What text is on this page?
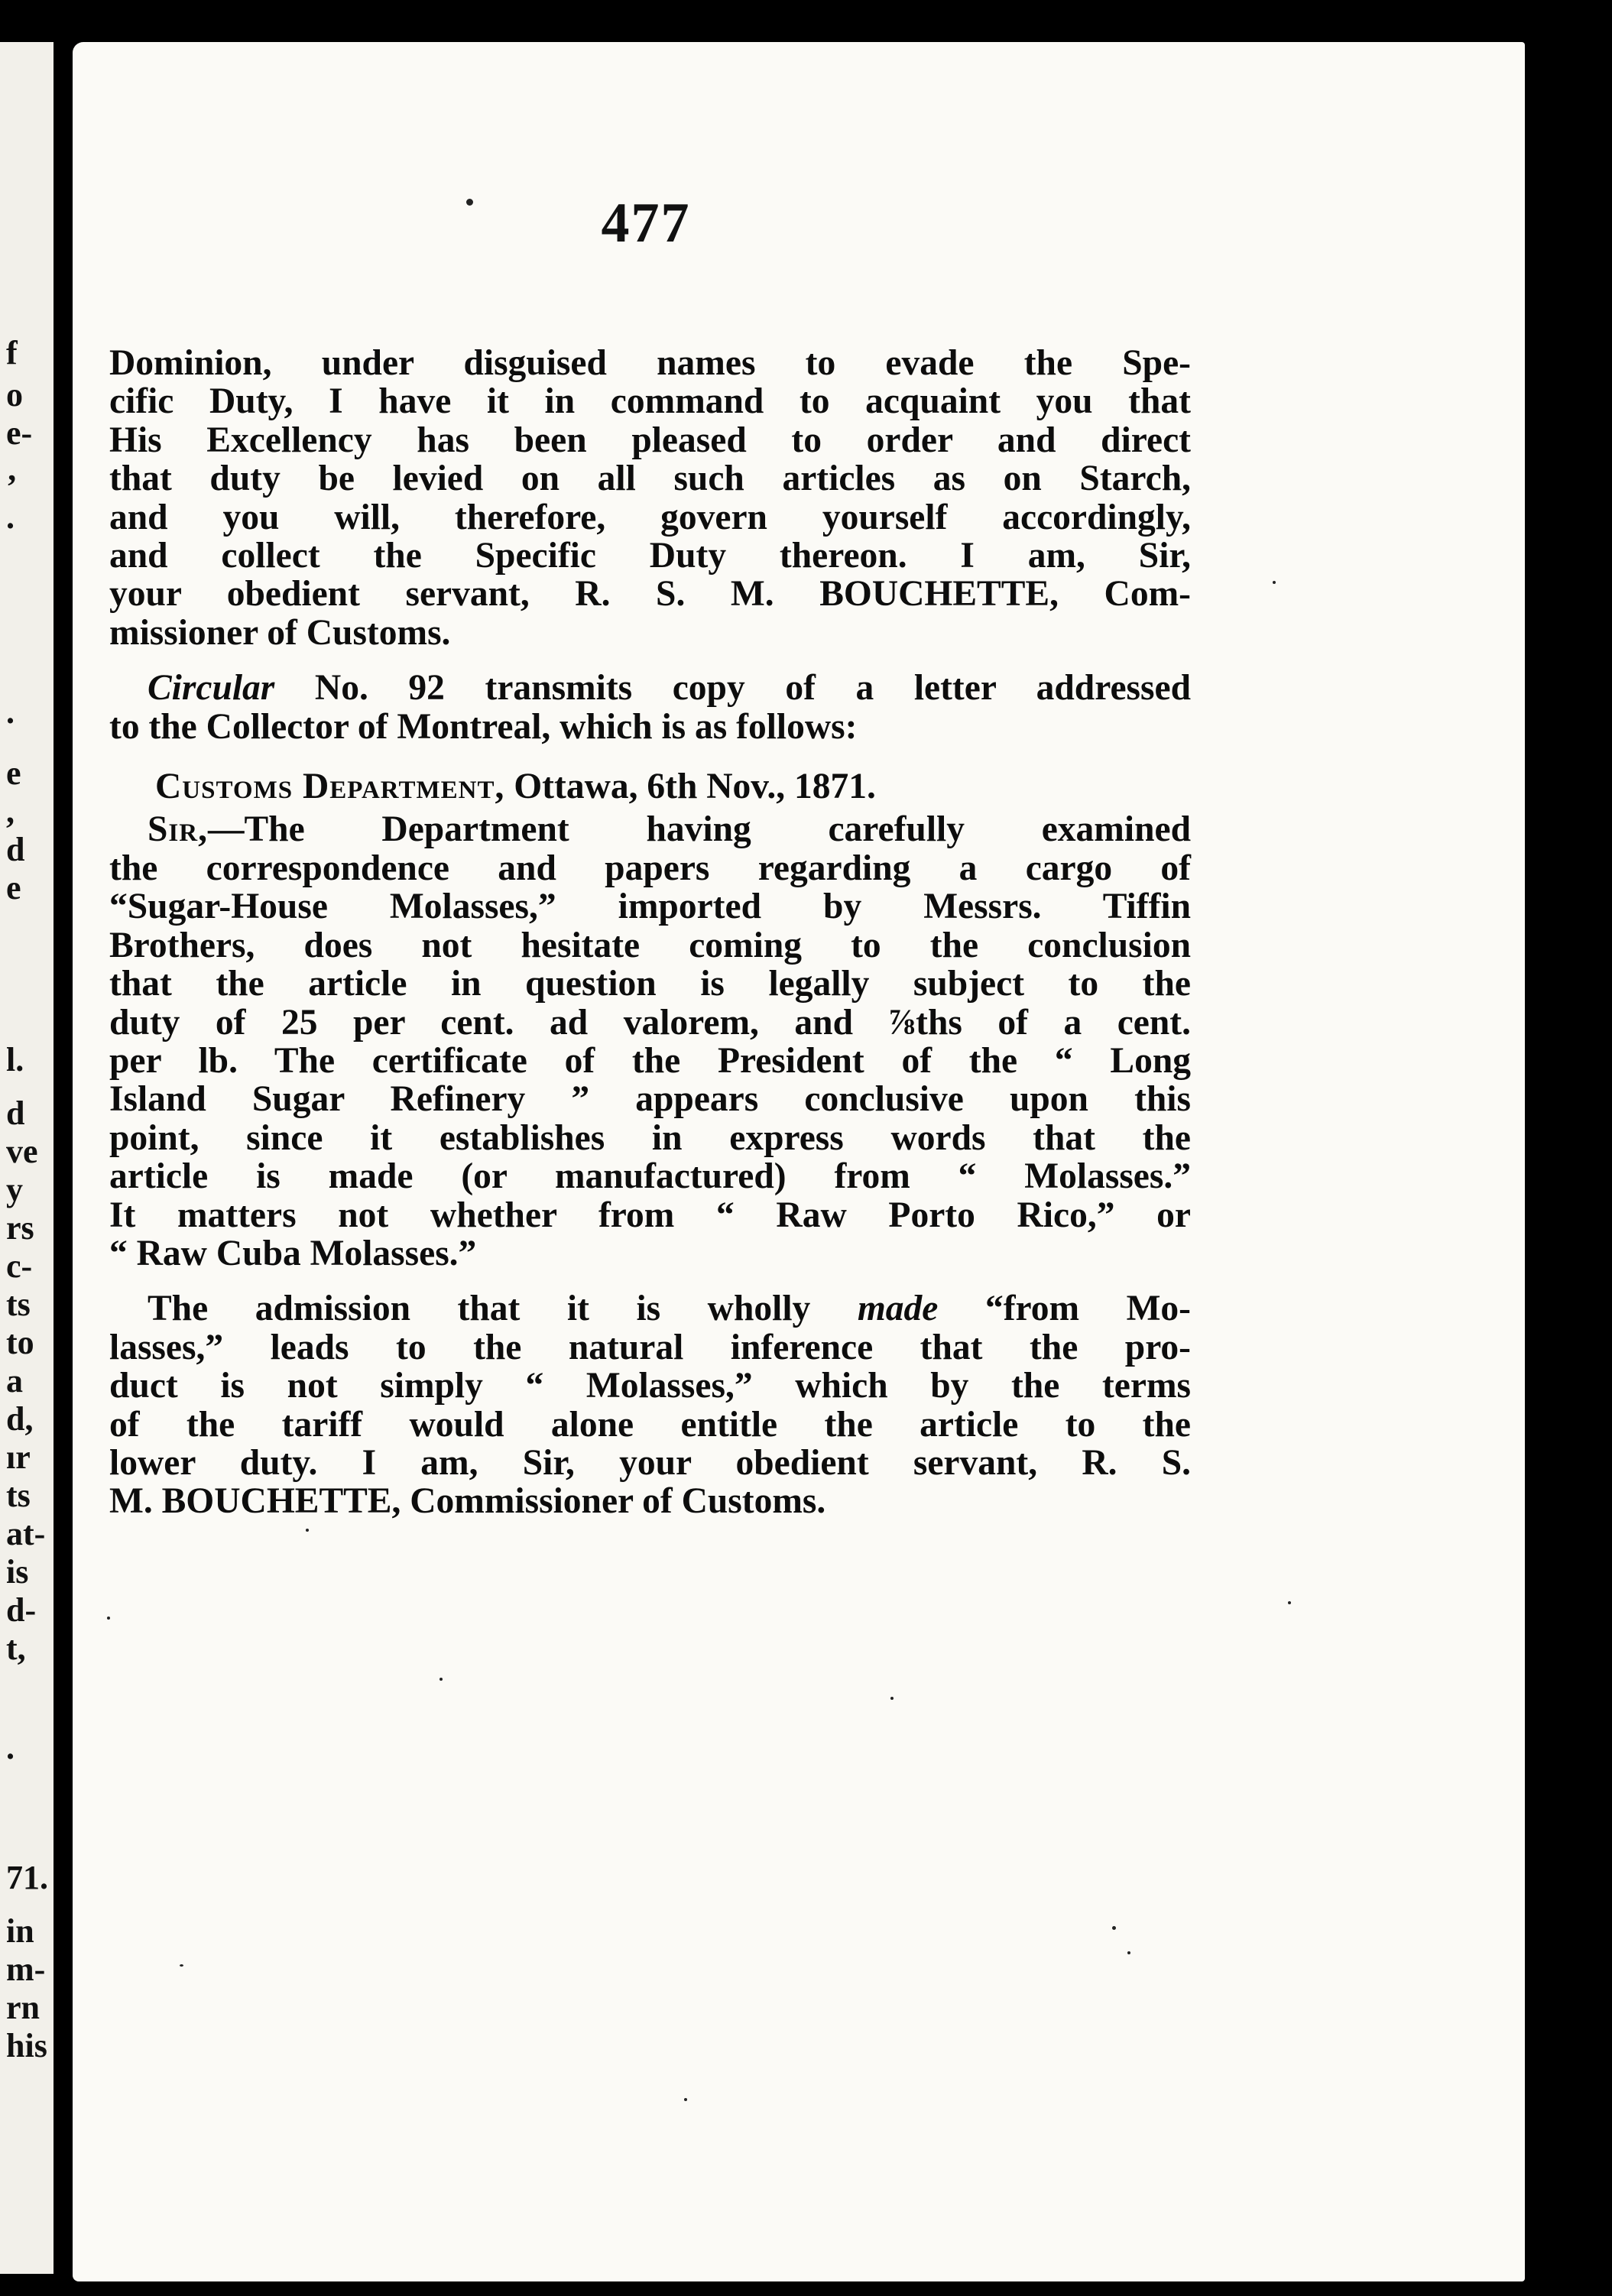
f
o
e-
’
.
.
e
,
d
e
l.
d
ve
y
rs
c-
ts
to
a
d,
ır
ts
at-
is
d-
t,
.
71.
in
m-
rn
his
477
Dominion, under disguised names to evade the Spe-
cific Duty, I have it in command to acquaint you that
His Excellency has been pleased to order and direct
that duty be levied on all such articles as on Starch,
and you will, therefore, govern yourself accordingly,
and collect the Specific Duty thereon. I am, Sir,
your obedient servant, R. S. M. BOUCHETTE, Com-
missioner of Customs.
Circular No. 92 transmits copy of a letter addressed
to the Collector of Montreal, which is as follows:
Customs Department, Ottawa, 6th Nov., 1871.
Sir,—The Department having carefully examined
the correspondence and papers regarding a cargo of
“Sugar-House Molasses,” imported by Messrs. Tiffin
Brothers, does not hesitate coming to the conclusion
that the article in question is legally subject to the
duty of 25 per cent. ad valorem, and ⅞ths of a cent.
per lb. The certificate of the President of the “ Long
Island Sugar Refinery ” appears conclusive upon this
point, since it establishes in express words that the
article is made (or manufactured) from “ Molasses.”
It matters not whether from “ Raw Porto Rico,” or
“ Raw Cuba Molasses.”
The admission that it is wholly made “from Mo-
lasses,” leads to the natural inference that the pro-
duct is not simply “ Molasses,” which by the terms
of the tariff would alone entitle the article to the
lower duty. I am, Sir, your obedient servant, R. S.
M. BOUCHETTE, Commissioner of Customs.
